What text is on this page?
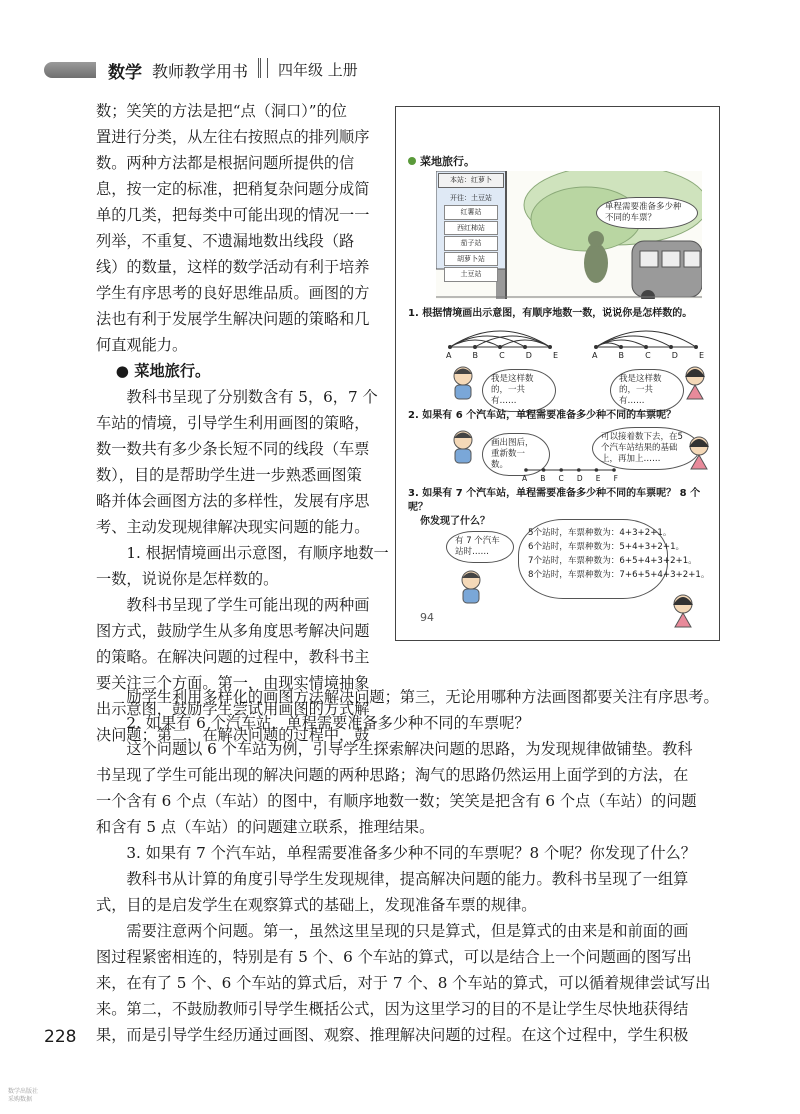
数学 教师教学用书 四年级 上册

数；笑笑的方法是把“点（洞口）”的位

置进行分类，从左往右按照点的排列顺序

数。两种方法都是根据问题所提供的信

息，按一定的标准，把稍复杂问题分成简

单的几类，把每类中可能出现的情况一一

列举，不重复、不遗漏地数出线段（路

线）的数量，这样的数学活动有利于培养

学生有序思考的良好思维品质。画图的方

法也有利于发展学生解决问题的策略和几

何直观能力。

● 菜地旅行。

教科书呈现了分别数含有 5，6，7 个

车站的情境，引导学生利用画图的策略，

数一数共有多少条长短不同的线段（车票

数），目的是帮助学生进一步熟悉画图策

略并体会画图方法的多样性，发展有序思

考、主动发现规律解决现实问题的能力。

1. 根据情境画出示意图，有顺序地数一

一数，说说你是怎样数的。

教科书呈现了学生可能出现的两种画

图方式，鼓励学生从多角度思考解决问题

的策略。在解决问题的过程中，教科书主

要关注三个方面。第一，由现实情境抽象

出示意图，鼓励学生尝试用画图的方式解

决问题；第二，在解决问题的过程中，鼓

励学生利用多样化的画图方法解决问题；第三，无论用哪种方法画图都要关注有序思考。

2. 如果有 6 个汽车站，单程需要准备多少种不同的车票呢？

这个问题以 6 个车站为例，引导学生探索解决问题的思路，为发现规律做铺垫。教科

书呈现了学生可能出现的解决问题的两种思路；淘气的思路仍然运用上面学到的方法，在

一个含有 6 个点（车站）的图中，有顺序地数一数；笑笑是把含有 6 个点（车站）的问题

和含有 5 点（车站）的问题建立联系，推理结果。

3. 如果有 7 个汽车站，单程需要准备多少种不同的车票呢？8 个呢？你发现了什么？

教科书从计算的角度引导学生发现规律，提高解决问题的能力。教科书呈现了一组算

式，目的是启发学生在观察算式的基础上，发现准备车票的规律。

需要注意两个问题。第一，虽然这里呈现的只是算式，但是算式的由来是和前面的画

图过程紧密相连的，特别是有 5 个、6 个车站的算式，可以是结合上一个问题画的图写出

来，在有了 5 个、6 个车站的算式后，对于 7 个、8 个车站的算式，可以循着规律尝试写出

来。第二，不鼓励教师引导学生概括公式，因为这里学习的目的不是让学生尽快地获得结

果，而是引导学生经历通过画图、观察、推理解决问题的过程。在这个过程中，学生积极

菜地旅行。
本站：红萝卜
开往：土豆站
红薯站
西红柿站
茄子站
胡萝卜站
土豆站
单程需要准备多少种不同的车票？
1. 根据情境画出示意图，有顺序地数一数，说说你是怎样数的。
A	B	C	D	E	A	B	C	D	E
我是这样数的，一共有……
我是这样数的，一共有……
2. 如果有 6 个汽车站，单程需要准备多少种不同的车票呢？
画出图后，重新数一数。
可以接着数下去，在5 个汽车站结果的基础上，再加上……
A B C D E F
3. 如果有 7 个汽车站，单程需要准备多少种不同的车票呢？ 8 个呢？
你发现了什么？
有 7 个汽车站时……
5个站时，车票种数为：4+3+2+1。
6个站时，车票种数为：5+4+3+2+1。
7个站时，车票种数为：6+5+4+3+2+1。
8个站时，车票种数为：7+6+5+4+3+2+1。
94
228
数学出版社
采购数据
